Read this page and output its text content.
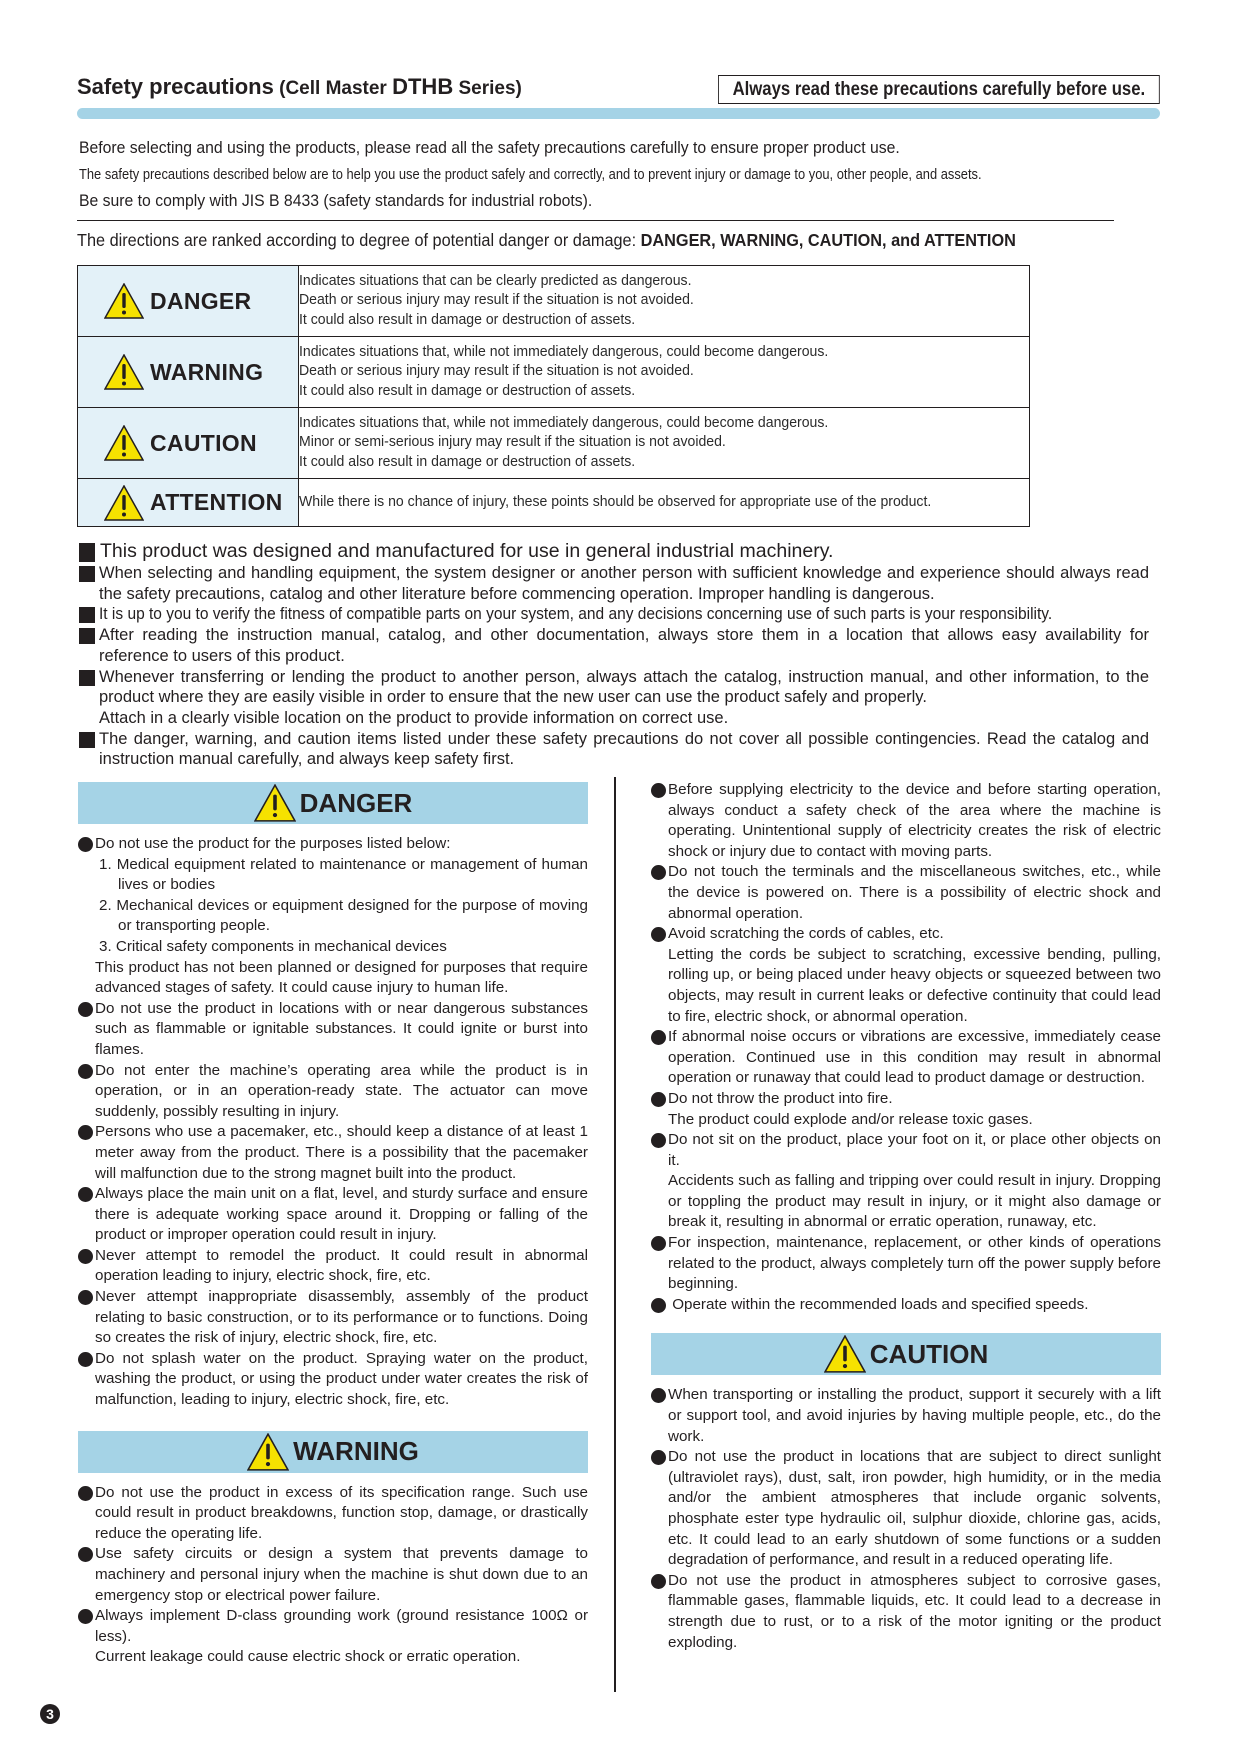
Safety precautions (Cell Master DTHB Series)	Always read these precautions carefully before use.
Before selecting and using the products, please read all the safety precautions carefully to ensure proper product use.
The safety precautions described below are to help you use the product safely and correctly, and to prevent injury or damage to you, other people, and assets.
Be sure to comply with JIS B 8433 (safety standards for industrial robots).
The directions are ranked according to degree of potential danger or damage: DANGER, WARNING, CAUTION, and ATTENTION
DANGER	Indicates situations that can be clearly predicted as dangerous.
Death or serious injury may result if the situation is not avoided.
It could also result in damage or destruction of assets.

WARNING	Indicates situations that, while not immediately dangerous, could become dangerous.
Death or serious injury may result if the situation is not avoided.
It could also result in damage or destruction of assets.

CAUTION	Indicates situations that, while not immediately dangerous, could become dangerous.
Minor or semi-serious injury may result if the situation is not avoided.
It could also result in damage or destruction of assets.

ATTENTION	While there is no chance of injury, these points should be observed for appropriate use of the product.
This product was designed and manufactured for use in general industrial machinery.
When selecting and handling equipment, the system designer or another person with sufficient knowledge and experience should always read the safety precautions, catalog and other literature before commencing operation. Improper handling is dangerous.
It is up to you to verify the fitness of compatible parts on your system, and any decisions concerning use of such parts is your responsibility.
After reading the instruction manual, catalog, and other documentation, always store them in a location that allows easy availability for reference to users of this product.
Whenever transferring or lending the product to another person, always attach the catalog, instruction manual, and other information, to the product where they are easily visible in order to ensure that the new user can use the product safely and properly.
Attach in a clearly visible location on the product to provide information on correct use.
The danger, warning, and caution items listed under these safety precautions do not cover all possible contingencies. Read the catalog and instruction manual carefully, and always keep safety first.
DANGER

Do not use the product for the purposes listed below:

1. Medical equipment related to maintenance or management of human lives or bodies

2. Mechanical devices or equipment designed for the purpose of moving or transporting people.

3. Critical safety components in mechanical devices

This product has not been planned or designed for purposes that require advanced stages of safety. It could cause injury to human life.

Do not use the product in locations with or near dangerous substances such as flammable or ignitable substances. It could ignite or burst into flames.

Do not enter the machine’s operating area while the product is in operation, or in an operation-ready state. The actuator can move suddenly, possibly resulting in injury.

Persons who use a pacemaker, etc., should keep a distance of at least 1 meter away from the product. There is a possibility that the pacemaker will malfunction due to the strong magnet built into the product.

Always place the main unit on a flat, level, and sturdy surface and ensure there is adequate working space around it. Dropping or falling of the product or improper operation could result in injury.

Never attempt to remodel the product. It could result in abnormal operation leading to injury, electric shock, fire, etc.

Never attempt inappropriate disassembly, assembly of the product relating to basic construction, or to its performance or to functions. Doing so creates the risk of injury, electric shock, fire, etc.

Do not splash water on the product. Spraying water on the product, washing the product, or using the product under water creates the risk of malfunction, leading to injury, electric shock, fire, etc.

WARNING

Do not use the product in excess of its specification range. Such use could result in product breakdowns, function stop, damage, or drastically reduce the operating life.

Use safety circuits or design a system that prevents damage to machinery and personal injury when the machine is shut down due to an emergency stop or electrical power failure.

Always implement D-class grounding work (ground resistance 100Ω or less).

Current leakage could cause electric shock or erratic operation.

Before supplying electricity to the device and before starting operation, always conduct a safety check of the area where the machine is operating. Unintentional supply of electricity creates the risk of electric shock or injury due to contact with moving parts.

Do not touch the terminals and the miscellaneous switches, etc., while the device is powered on. There is a possibility of electric shock and abnormal operation.

Avoid scratching the cords of cables, etc.

Letting the cords be subject to scratching, excessive bending, pulling, rolling up, or being placed under heavy objects or squeezed between two objects, may result in current leaks or defective continuity that could lead to fire, electric shock, or abnormal operation.

If abnormal noise occurs or vibrations are excessive, immediately cease operation. Continued use in this condition may result in abnormal operation or runaway that could lead to product damage or destruction.

Do not throw the product into fire.

The product could explode and/or release toxic gases.

Do not sit on the product, place your foot on it, or place other objects on it.

Accidents such as falling and tripping over could result in injury. Dropping or toppling the product may result in injury, or it might also damage or break it, resulting in abnormal or erratic operation, runaway, etc.

For inspection, maintenance, replacement, or other kinds of operations related to the product, always completely turn off the power supply before beginning.

Operate within the recommended loads and specified speeds.

CAUTION

When transporting or installing the product, support it securely with a lift or support tool, and avoid injuries by having multiple people, etc., do the work.

Do not use the product in locations that are subject to direct sunlight (ultraviolet rays), dust, salt, iron powder, high humidity, or in the media and/or the ambient atmospheres that include organic solvents, phosphate ester type hydraulic oil, sulphur dioxide, chlorine gas, acids, etc. It could lead to an early shutdown of some functions or a sudden degradation of performance, and result in a reduced operating life.

Do not use the product in atmospheres subject to corrosive gases, flammable gases, flammable liquids, etc. It could lead to a decrease in strength due to rust, or to a risk of the motor igniting or the product exploding.

3
